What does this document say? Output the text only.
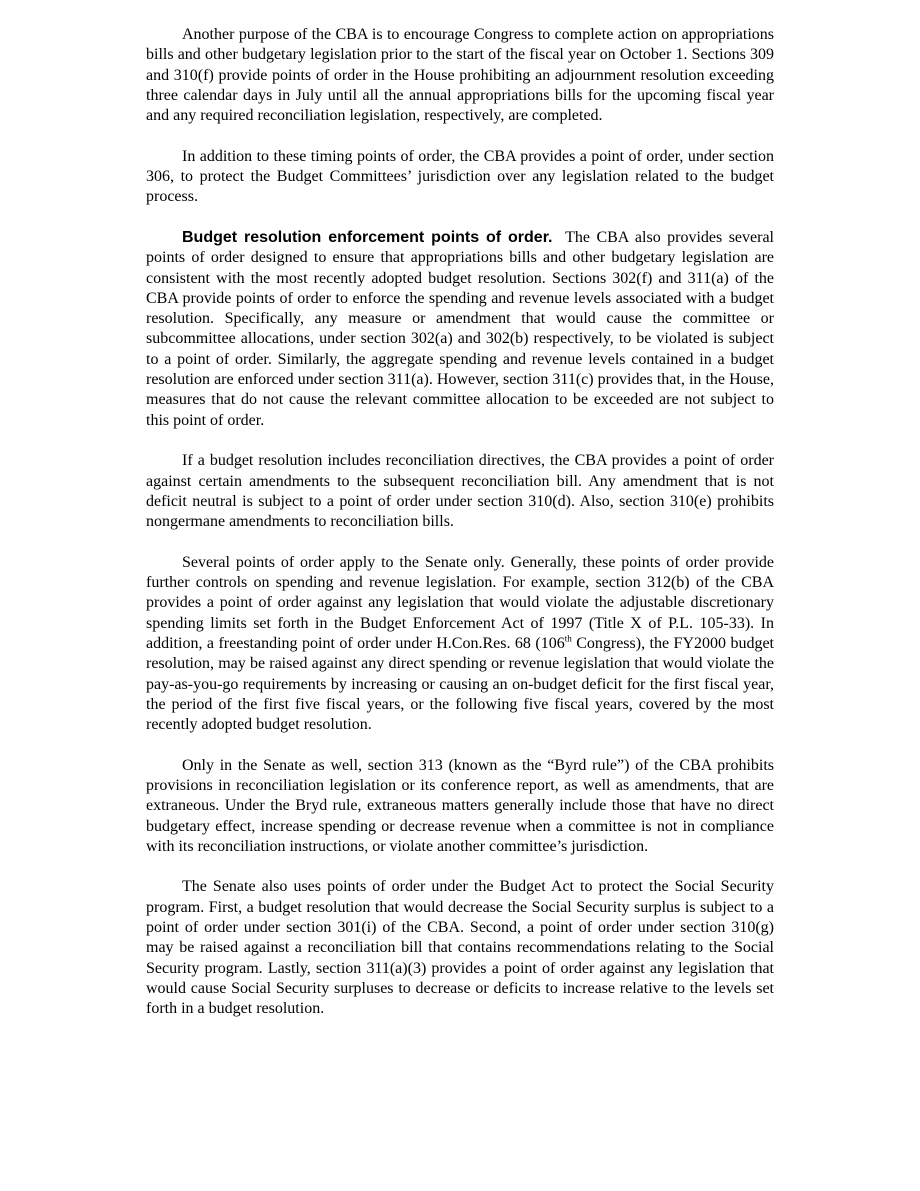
Another purpose of the CBA is to encourage Congress to complete action on appropriations bills and other budgetary legislation prior to the start of the fiscal year on October 1. Sections 309 and 310(f) provide points of order in the House prohibiting an adjournment resolution exceeding three calendar days in July until all the annual appropriations bills for the upcoming fiscal year and any required reconciliation legislation, respectively, are completed.

In addition to these timing points of order, the CBA provides a point of order, under section 306, to protect the Budget Committees’ jurisdiction over any legislation related to the budget process.

Budget resolution enforcement points of order. The CBA also provides several points of order designed to ensure that appropriations bills and other budgetary legislation are consistent with the most recently adopted budget resolution. Sections 302(f) and 311(a) of the CBA provide points of order to enforce the spending and revenue levels associated with a budget resolution. Specifically, any measure or amendment that would cause the committee or subcommittee allocations, under section 302(a) and 302(b) respectively, to be violated is subject to a point of order. Similarly, the aggregate spending and revenue levels contained in a budget resolution are enforced under section 311(a). However, section 311(c) provides that, in the House, measures that do not cause the relevant committee allocation to be exceeded are not subject to this point of order.

If a budget resolution includes reconciliation directives, the CBA provides a point of order against certain amendments to the subsequent reconciliation bill. Any amendment that is not deficit neutral is subject to a point of order under section 310(d). Also, section 310(e) prohibits nongermane amendments to reconciliation bills.

Several points of order apply to the Senate only. Generally, these points of order provide further controls on spending and revenue legislation. For example, section 312(b) of the CBA provides a point of order against any legislation that would violate the adjustable discretionary spending limits set forth in the Budget Enforcement Act of 1997 (Title X of P.L. 105-33). In addition, a freestanding point of order under H.Con.Res. 68 (106th Congress), the FY2000 budget resolution, may be raised against any direct spending or revenue legislation that would violate the pay-as-you-go requirements by increasing or causing an on-budget deficit for the first fiscal year, the period of the first five fiscal years, or the following five fiscal years, covered by the most recently adopted budget resolution.

Only in the Senate as well, section 313 (known as the “Byrd rule”) of the CBA prohibits provisions in reconciliation legislation or its conference report, as well as amendments, that are extraneous. Under the Bryd rule, extraneous matters generally include those that have no direct budgetary effect, increase spending or decrease revenue when a committee is not in compliance with its reconciliation instructions, or violate another committee’s jurisdiction.

The Senate also uses points of order under the Budget Act to protect the Social Security program. First, a budget resolution that would decrease the Social Security surplus is subject to a point of order under section 301(i) of the CBA. Second, a point of order under section 310(g) may be raised against a reconciliation bill that contains recommendations relating to the Social Security program. Lastly, section 311(a)(3) provides a point of order against any legislation that would cause Social Security surpluses to decrease or deficits to increase relative to the levels set forth in a budget resolution.
